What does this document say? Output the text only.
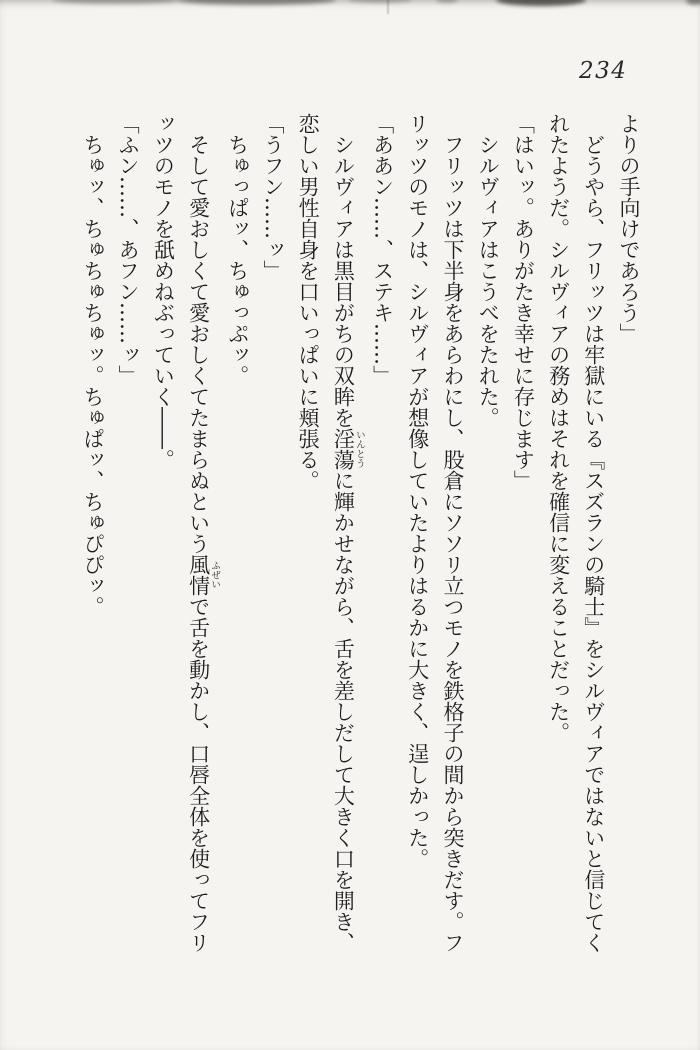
234
よりの手向けであろう」
どうやら、フリッツは牢獄にいる『スズランの騎士』をシルヴィアではないと信じてく
れたようだ。シルヴィアの務めはそれを確信に変えることだった。
「はいッ。ありがたき幸せに存じます」
シルヴィアはこうべをたれた。
フリッツは下半身をあらわにし、股倉にソソリ立つモノを鉄格子の間から突きだす。フ
リッツのモノは、シルヴィアが想像していたよりはるかに大きく、逞しかった。
「ああン……、ステキ……」
シルヴィアは黒目がちの双眸を淫蕩いんとうに輝かせながら、舌を差しだして大きく口を開き、
恋しい男性自身を口いっぱいに頬張る。
「うフン……ッ」
ちゅっぱッ、ちゅっぷッ。
そして愛おしくて愛おしくてたまらぬという風情ふぜいで舌を動かし、口唇全体を使ってフリ
ッツのモノを舐めねぶっていく――。
「ふン……、あフン……ッ」
ちゅッ、ちゅちゅちゅッ。ちゅぱッ、ちゅぴぴッ。
